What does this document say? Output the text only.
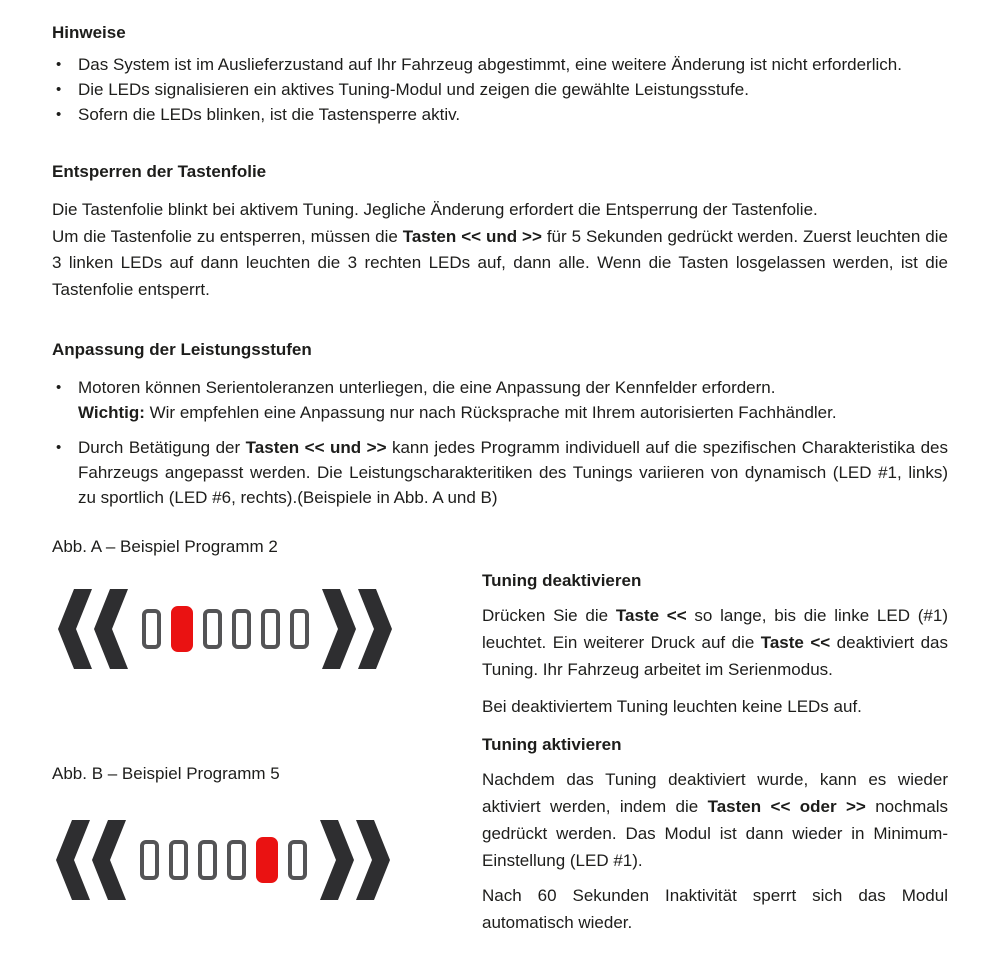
Hinweise

• Das System ist im Auslieferzustand auf Ihr Fahrzeug abgestimmt, eine weitere Änderung ist nicht erforderlich.
• Die LEDs signalisieren ein aktives Tuning-Modul und zeigen die gewählte Leistungsstufe.
• Sofern die LEDs blinken, ist die Tastensperre aktiv.

Entsperren der Tastenfolie

Die Tastenfolie blinkt bei aktivem Tuning. Jegliche Änderung erfordert die Entsperrung der Tastenfolie.
Um die Tastenfolie zu entsperren, müssen die Tasten << und >> für 5 Sekunden gedrückt werden. Zuerst leuchten die 3 linken LEDs auf dann leuchten die 3 rechten LEDs auf, dann alle. Wenn die Tasten losgelassen werden, ist die Tastenfolie entsperrt.

Anpassung der Leistungsstufen

• Motoren können Serientoleranzen unterliegen, die eine Anpassung der Kennfelder erfordern.
Wichtig: Wir empfehlen eine Anpassung nur nach Rücksprache mit Ihrem autorisierten Fachhändler.
• Durch Betätigung der Tasten << und >> kann jedes Programm individuell auf die spezifischen Charakteristika des Fahrzeugs angepasst werden. Die Leistungscharakteritiken des Tunings variieren von dynamisch (LED #1, links) zu sportlich (LED #6, rechts).(Beispiele in Abb. A und B)
Abb. A – Beispiel Programm 2
Abb. B – Beispiel Programm 5

Tuning deaktivieren

Drücken Sie die Taste << so lange, bis die linke LED (#1) leuchtet. Ein weiterer Druck auf die Taste << deaktiviert das Tuning. Ihr Fahrzeug arbeitet im Serienmodus.

Bei deaktiviertem Tuning leuchten keine LEDs auf.

Tuning aktivieren

Nachdem das Tuning deaktiviert wurde, kann es wieder aktiviert werden, indem die Tasten << oder >> nochmals gedrückt werden. Das Modul ist dann wieder in Minimum-Einstellung (LED #1).

Nach 60 Sekunden Inaktivität sperrt sich das Modul automatisch wieder.
